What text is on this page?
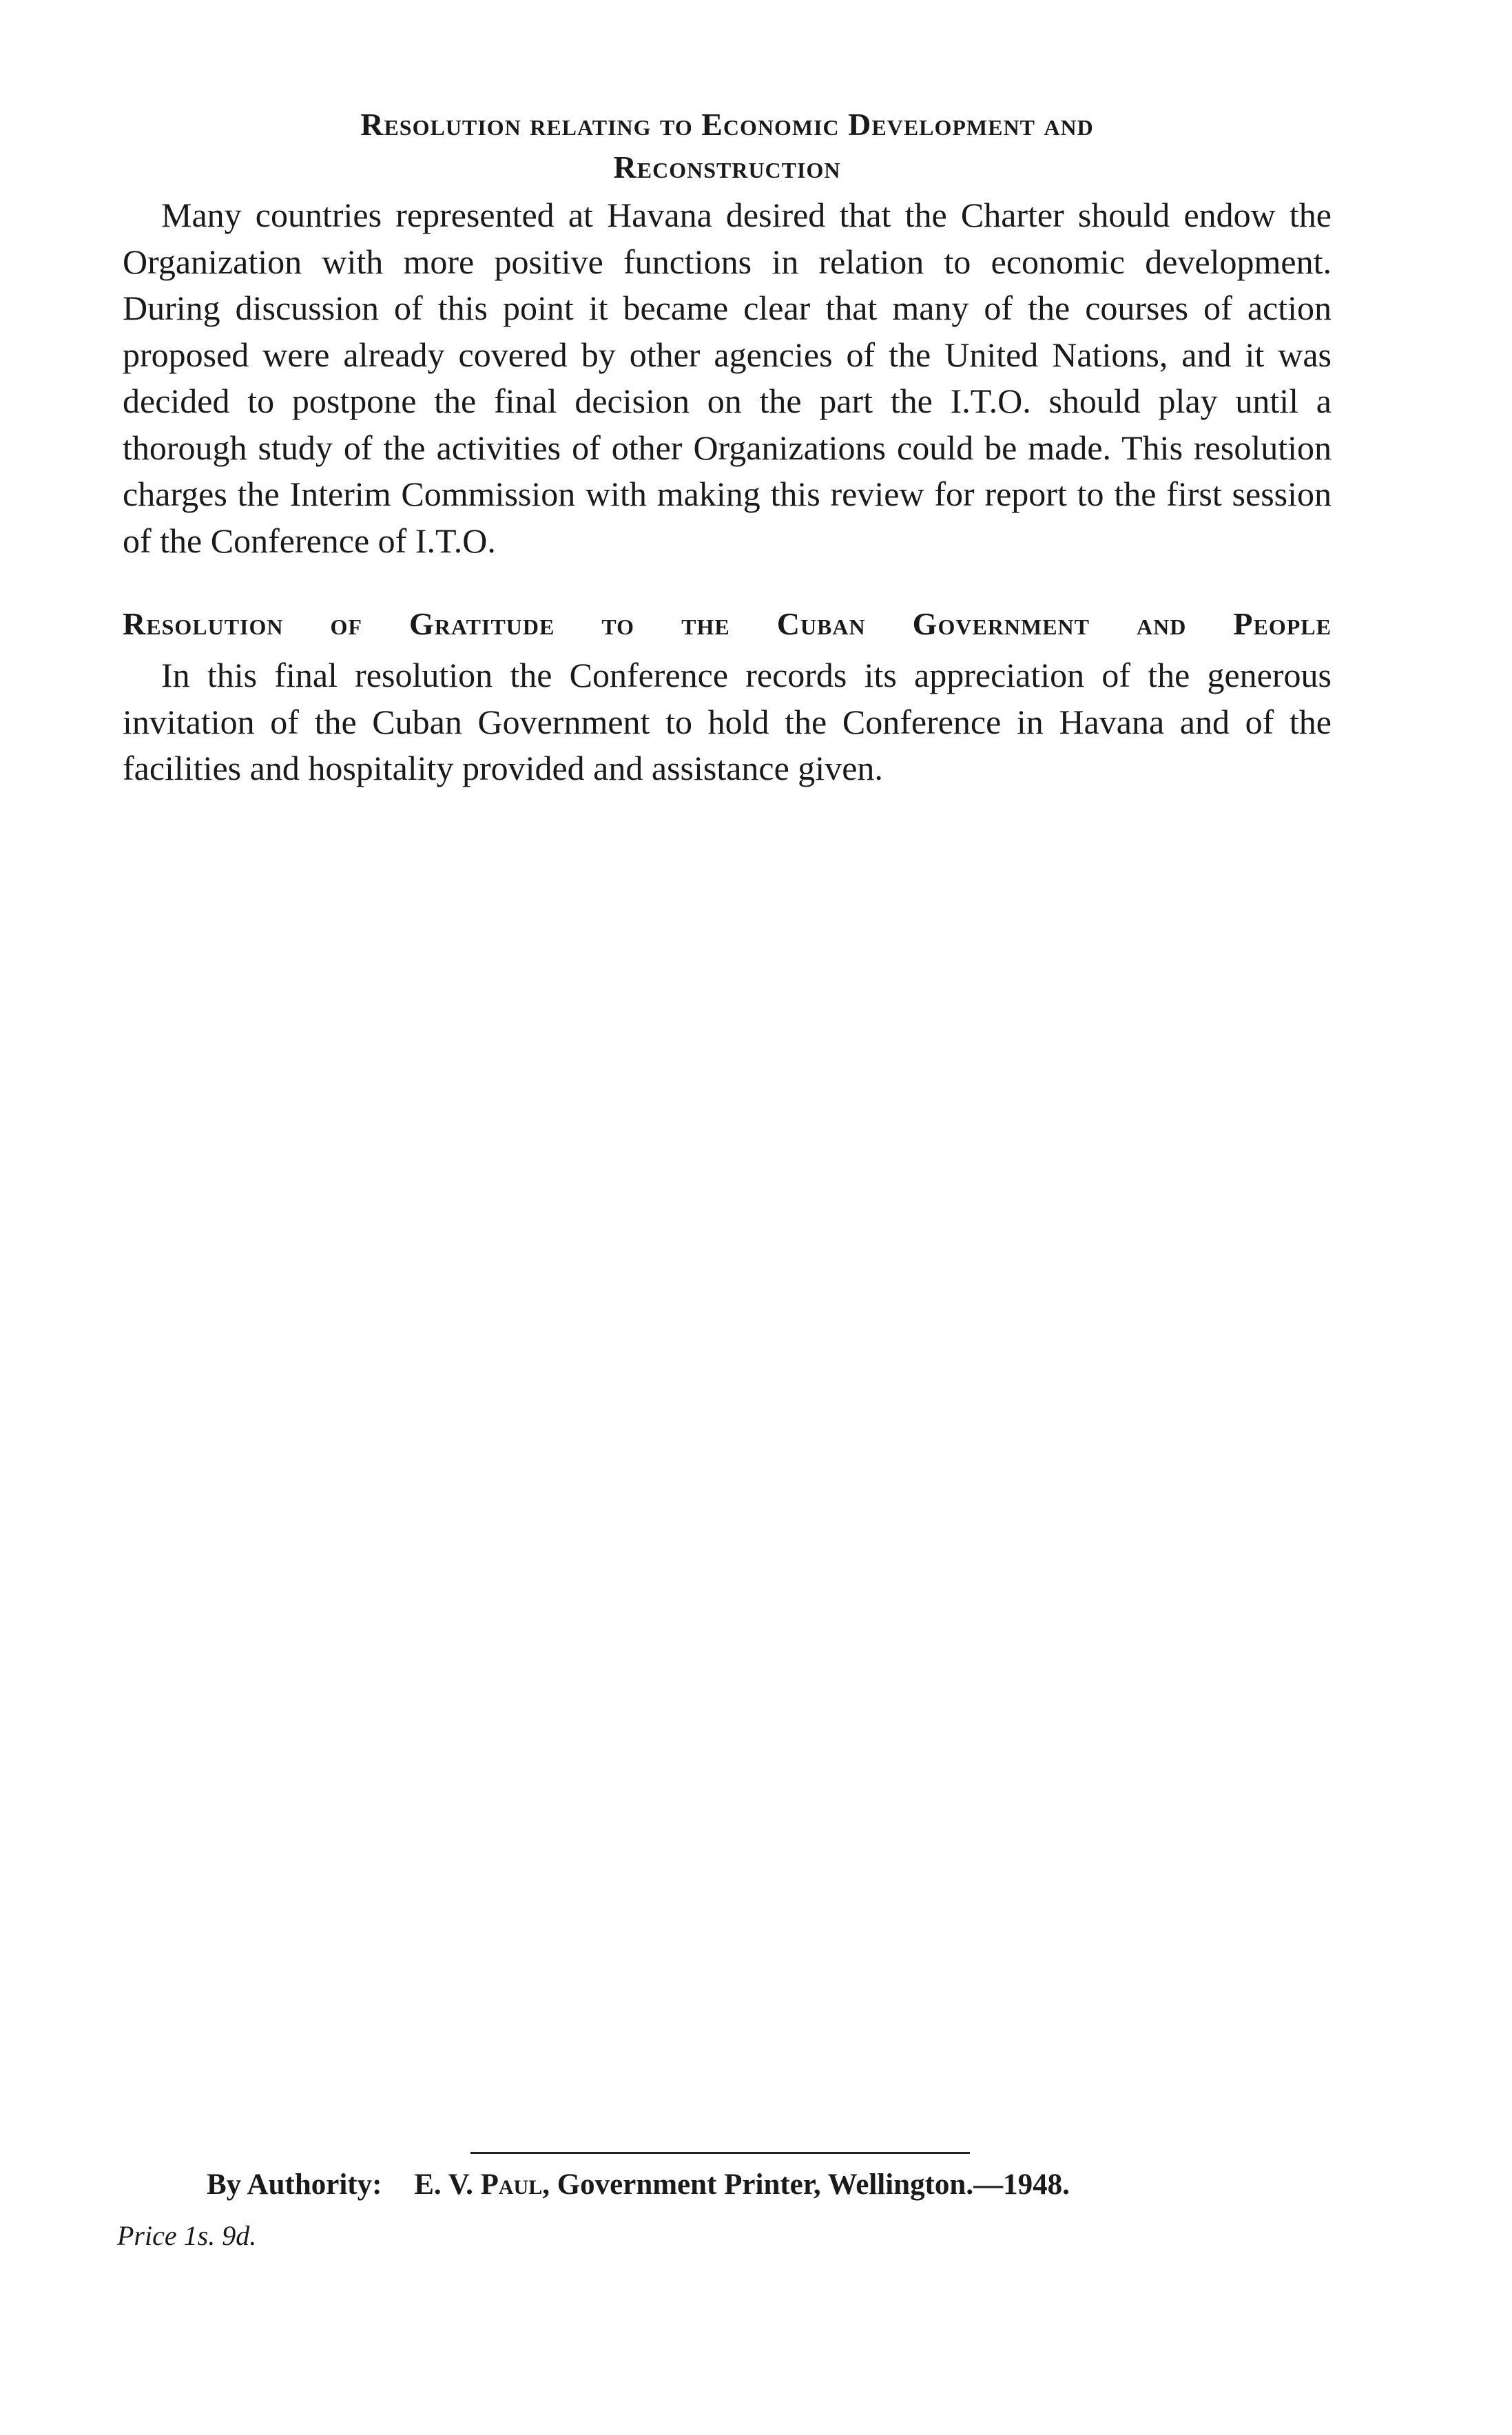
Resolution relating to Economic Development and
Reconstruction

Many countries represented at Havana desired that the Charter should endow the Organization with more positive functions in relation to economic development. During discussion of this point it became clear that many of the courses of action proposed were already covered by other agencies of the United Nations, and it was decided to postpone the final decision on the part the I.T.O. should play until a thorough study of the activities of other Organizations could be made. This resolution charges the Interim Commission with making this review for report to the first session of the Conference of I.T.O.

Resolution of Gratitude to the Cuban Government and People

In this final resolution the Conference records its appreciation of the generous invitation of the Cuban Government to hold the Conference in Havana and of the facilities and hospitality provided and assistance given.

By Authority: E. V. Paul, Government Printer, Wellington.—1948.
Price 1s. 9d.
